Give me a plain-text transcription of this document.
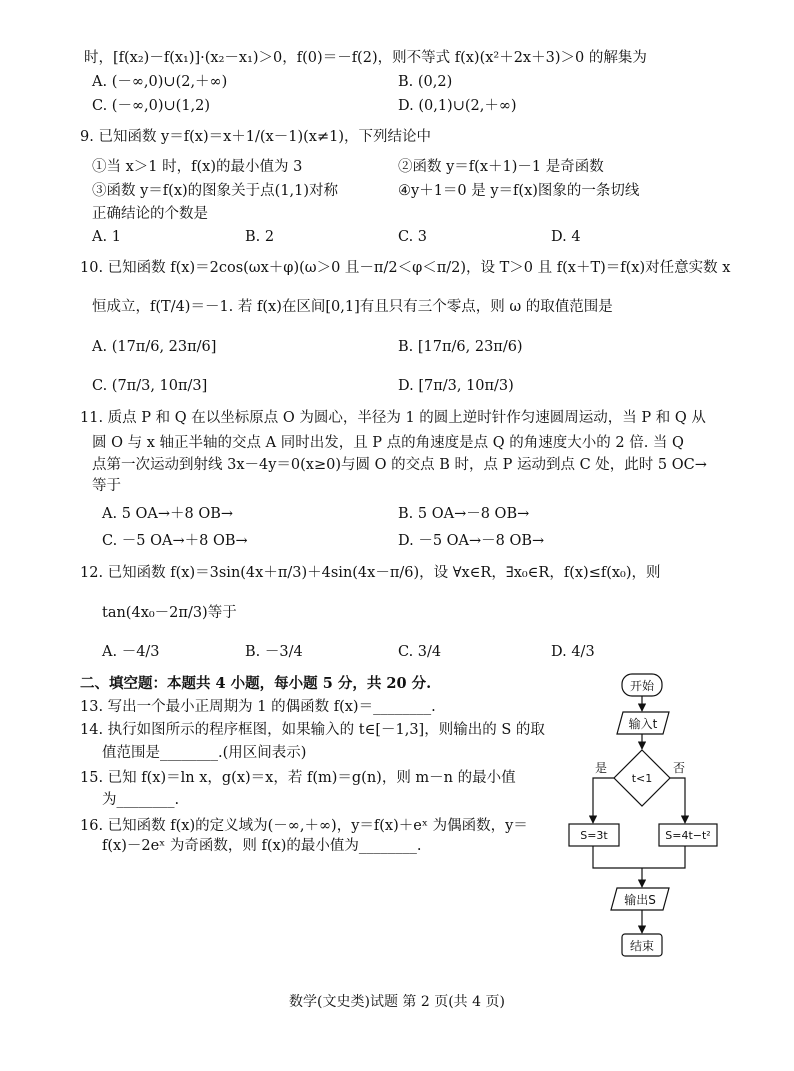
时，[f(x₂)－f(x₁)]·(x₂－x₁)＞0，f(0)＝－f(2)，则不等式 f(x)(x²＋2x＋3)＞0 的解集为
A. (－∞,0)∪(2,＋∞)	B. (0,2)
C. (－∞,0)∪(1,2)	D. (0,1)∪(2,＋∞)
9. 已知函数 y＝f(x)＝x＋1/(x－1)(x≠1)，下列结论中
①当 x＞1 时，f(x)的最小值为 3	②函数 y＝f(x＋1)－1 是奇函数
③函数 y＝f(x)的图象关于点(1,1)对称	④y＋1＝0 是 y＝f(x)图象的一条切线
正确结论的个数是
A. 1	B. 2	C. 3	D. 4
10. 已知函数 f(x)＝2cos(ωx＋φ)(ω＞0 且－π/2＜φ＜π/2)，设 T＞0 且 f(x＋T)＝f(x)对任意实数 x
恒成立，f(T/4)＝－1. 若 f(x)在区间[0,1]有且只有三个零点，则 ω 的取值范围是
A. (17π/6, 23π/6]	B. [17π/6, 23π/6)
C. (7π/3, 10π/3]	D. [7π/3, 10π/3)
11. 质点 P 和 Q 在以坐标原点 O 为圆心，半径为 1 的圆上逆时针作匀速圆周运动，当 P 和 Q 从
圆 O 与 x 轴正半轴的交点 A 同时出发，且 P 点的角速度是点 Q 的角速度大小的 2 倍. 当 Q
点第一次运动到射线 3x－4y＝0(x≥0)与圆 O 的交点 B 时，点 P 运动到点 C 处，此时 5 OC→
等于
A. 5 OA→＋8 OB→	B. 5 OA→－8 OB→
C. －5 OA→＋8 OB→	D. －5 OA→－8 OB→
12. 已知函数 f(x)＝3sin(4x＋π/3)＋4sin(4x－π/6)，设 ∀x∈R，∃x₀∈R，f(x)≤f(x₀)，则
tan(4x₀－2π/3)等于
A. －4/3	B. －3/4	C. 3/4	D. 4/3
二、填空题：本题共 4 小题，每小题 5 分，共 20 分.
13. 写出一个最小正周期为 1 的偶函数 f(x)＝________.
14. 执行如图所示的程序框图，如果输入的 t∈[－1,3]，则输出的 S 的取
值范围是________.(用区间表示)
15. 已知 f(x)＝ln x，g(x)＝x，若 f(m)＝g(n)，则 m－n 的最小值
为________.
16. 已知函数 f(x)的定义域为(－∞,＋∞)，y＝f(x)＋eˣ 为偶函数，y＝
f(x)－2eˣ 为奇函数，则 f(x)的最小值为________.
开始
输入t
t<1
是	否
S=3t	S=4t−t²
输出S
结束
数学(文史类)试题 第 2 页(共 4 页)
